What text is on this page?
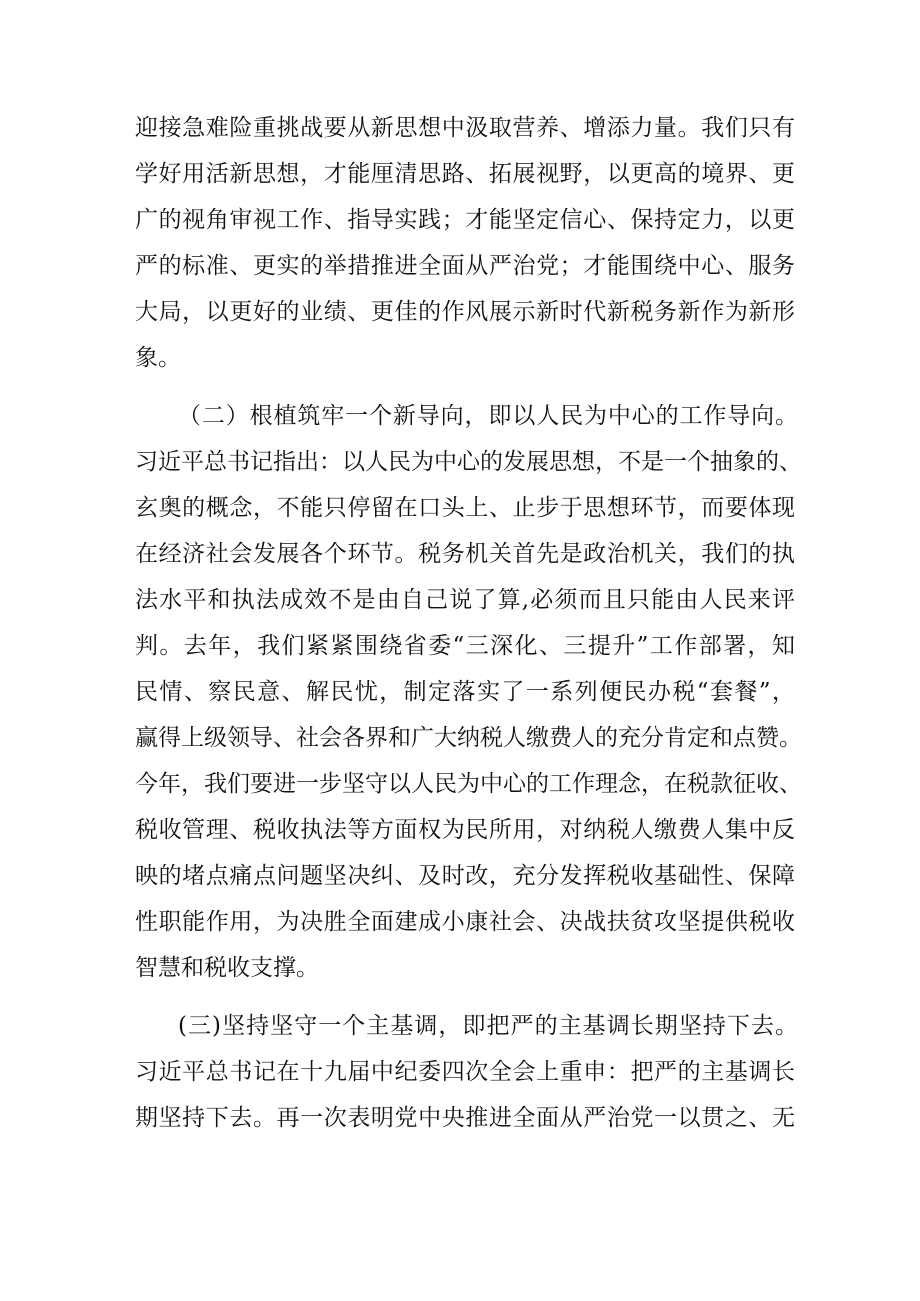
迎接急难险重挑战要从新思想中汲取营养、增添力量。我们只有
学好用活新思想，才能厘清思路、拓展视野，以更高的境界、更
广的视角审视工作、指导实践；才能坚定信心、保持定力，以更
严的标准、更实的举措推进全面从严治党；才能围绕中心、服务
大局，以更好的业绩、更佳的作风展示新时代新税务新作为新形
象。
（二）根植筑牢一个新导向，即以人民为中心的工作导向。
习近平总书记指出：以人民为中心的发展思想，不是一个抽象的、
玄奥的概念，不能只停留在口头上、止步于思想环节，而要体现
在经济社会发展各个环节。税务机关首先是政治机关，我们的执
法水平和执法成效不是由自己说了算,必须而且只能由人民来评
判。去年，我们紧紧围绕省委“三深化、三提升”工作部署，知
民情、察民意、解民忧，制定落实了一系列便民办税“套餐”，
赢得上级领导、社会各界和广大纳税人缴费人的充分肯定和点赞。
今年，我们要进一步坚守以人民为中心的工作理念，在税款征收、
税收管理、税收执法等方面权为民所用，对纳税人缴费人集中反
映的堵点痛点问题坚决纠、及时改，充分发挥税收基础性、保障
性职能作用，为决胜全面建成小康社会、决战扶贫攻坚提供税收
智慧和税收支撑。
(三)坚持坚守一个主基调，即把严的主基调长期坚持下去。
习近平总书记在十九届中纪委四次全会上重申：把严的主基调长
期坚持下去。再一次表明党中央推进全面从严治党一以贯之、无
